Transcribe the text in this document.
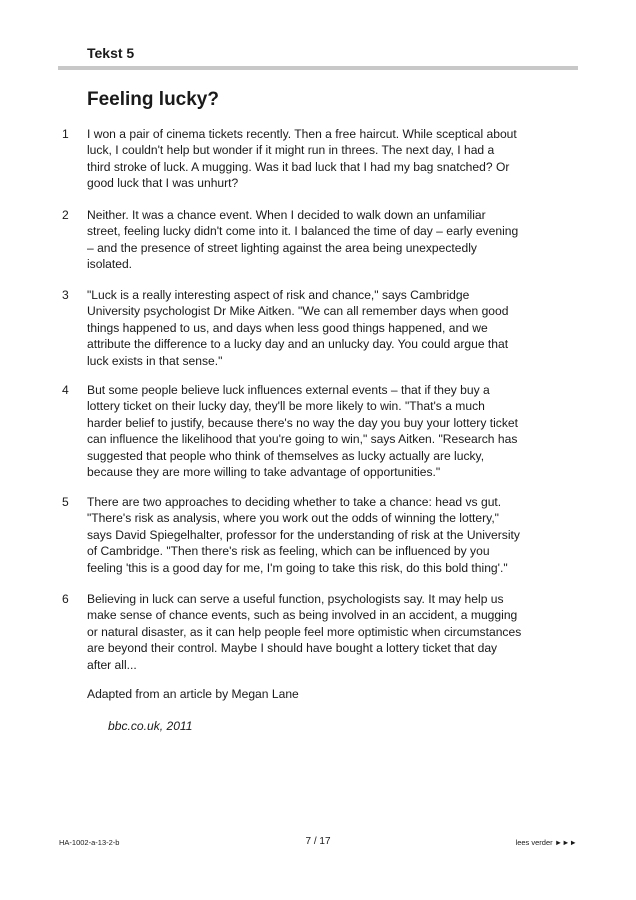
Tekst 5
Feeling lucky?
1	I won a pair of cinema tickets recently. Then a free haircut. While sceptical about
luck, I couldn't help but wonder if it might run in threes. The next day, I had a
third stroke of luck. A mugging. Was it bad luck that I had my bag snatched? Or
good luck that I was unhurt?
2	Neither. It was a chance event. When I decided to walk down an unfamiliar
street, feeling lucky didn't come into it. I balanced the time of day – early evening
– and the presence of street lighting against the area being unexpectedly
isolated.
3	"Luck is a really interesting aspect of risk and chance," says Cambridge
University psychologist Dr Mike Aitken. "We can all remember days when good
things happened to us, and days when less good things happened, and we
attribute the difference to a lucky day and an unlucky day. You could argue that
luck exists in that sense."
4	But some people believe luck influences external events – that if they buy a
lottery ticket on their lucky day, they'll be more likely to win. "That's a much
harder belief to justify, because there's no way the day you buy your lottery ticket
can influence the likelihood that you're going to win," says Aitken. "Research has
suggested that people who think of themselves as lucky actually are lucky,
because they are more willing to take advantage of opportunities."
5	There are two approaches to deciding whether to take a chance: head vs gut.
"There's risk as analysis, where you work out the odds of winning the lottery,"
says David Spiegelhalter, professor for the understanding of risk at the University
of Cambridge. "Then there's risk as feeling, which can be influenced by you
feeling 'this is a good day for me, I'm going to take this risk, do this bold thing'."
6	Believing in luck can serve a useful function, psychologists say. It may help us
make sense of chance events, such as being involved in an accident, a mugging
or natural disaster, as it can help people feel more optimistic when circumstances
are beyond their control. Maybe I should have bought a lottery ticket that day
after all...
Adapted from an article by Megan Lane
bbc.co.uk, 2011
HA-1002-a-13-2-b	7 / 17	lees verder ►►►
